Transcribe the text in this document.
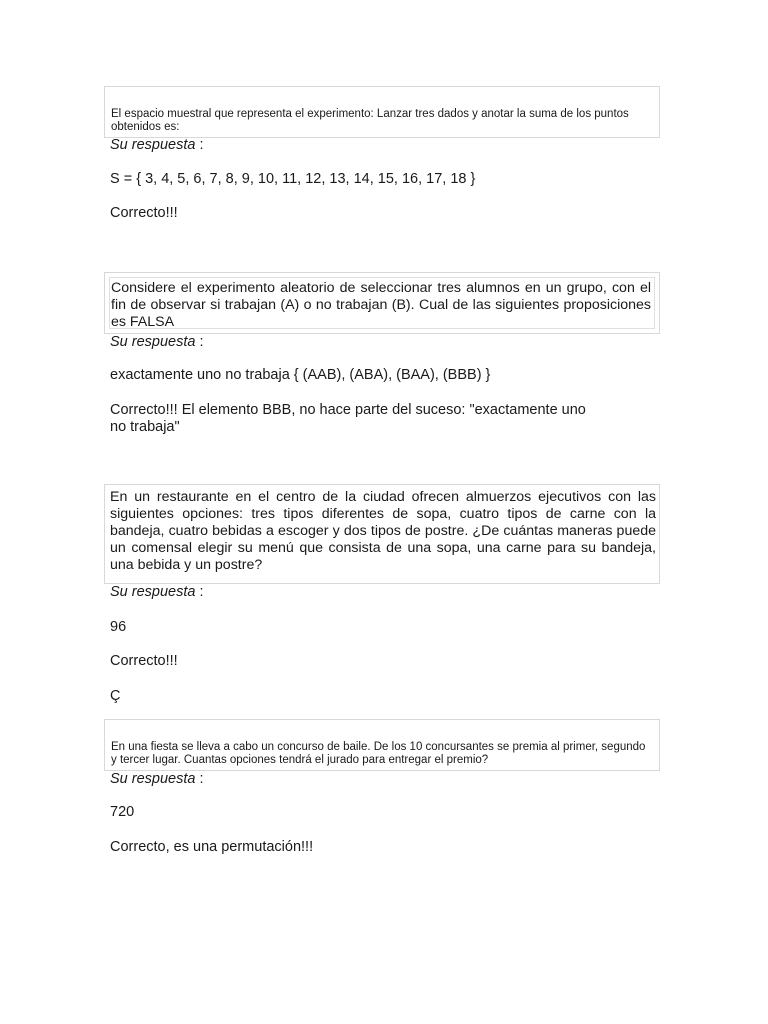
El espacio muestral que representa el experimento: Lanzar tres dados y anotar la suma de los puntos obtenidos es:
Su respuesta :
S = { 3, 4, 5, 6, 7, 8, 9, 10, 11, 12, 13, 14, 15, 16, 17, 18 }
Correcto!!!
Considere el experimento aleatorio de seleccionar tres alumnos en un grupo, con el fin de observar si trabajan (A) o no trabajan (B). Cual de las siguientes proposiciones es FALSA
Su respuesta :
exactamente uno no trabaja { (AAB), (ABA), (BAA), (BBB) }
Correcto!!! El elemento BBB, no hace parte del suceso: "exactamente uno
no trabaja"
En un restaurante en el centro de la ciudad ofrecen almuerzos ejecutivos con las siguientes opciones: tres tipos diferentes de sopa, cuatro tipos de carne con la bandeja, cuatro bebidas a escoger y dos tipos de postre. ¿De cuántas maneras puede un comensal elegir su menú que consista de una sopa, una carne para su bandeja, una bebida y un postre?
Su respuesta :
96
Correcto!!!
Ç
En una fiesta se lleva a cabo un concurso de baile. De los 10 concursantes se premia al primer, segundo y tercer lugar. Cuantas opciones tendrá el jurado para entregar el premio?
Su respuesta :
720
Correcto, es una permutación!!!
